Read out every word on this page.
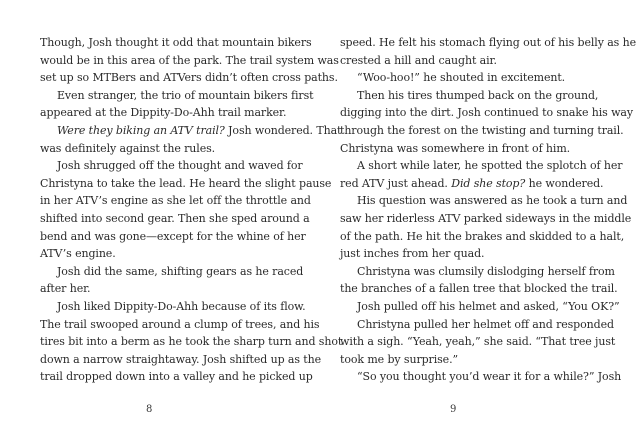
8
Though, Josh thought it odd that mountain bikers
would be in this area of the park. The trail system was
set up so MTBers and ATVers didn’t often cross paths.
Even stranger, the trio of mountain bikers first
appeared at the Dippity-Do-Ahh trail marker.
Were they biking an ATV trail? Josh wondered. That
was definitely against the rules.
Josh shrugged off the thought and waved for
Christyna to take the lead. He heard the slight pause
in her ATV’s engine as she let off the throttle and
shifted into second gear. Then she sped around a
bend and was gone—except for the whine of her
ATV’s engine.
Josh did the same, shifting gears as he raced
after her.
Josh liked Dippity-Do-Ahh because of its flow.
The trail swooped around a clump of trees, and his
tires bit into a berm as he took the sharp turn and shot
down a narrow straightaway. Josh shifted up as the
trail dropped down into a valley and he picked up
9
speed. He felt his stomach flying out of his belly as he
crested a hill and caught air.
“Woo-hoo!” he shouted in excitement.
Then his tires thumped back on the ground,
digging into the dirt. Josh continued to snake his way
through the forest on the twisting and turning trail.
Christyna was somewhere in front of him.
A short while later, he spotted the splotch of her
red ATV just ahead. Did she stop? he wondered.
His question was answered as he took a turn and
saw her riderless ATV parked sideways in the middle
of the path. He hit the brakes and skidded to a halt,
just inches from her quad.
Christyna was clumsily dislodging herself from
the branches of a fallen tree that blocked the trail.
Josh pulled off his helmet and asked, “You OK?”
Christyna pulled her helmet off and responded
with a sigh. “Yeah, yeah,” she said. “That tree just
took me by surprise.”
“So you thought you’d wear it for a while?” Josh
